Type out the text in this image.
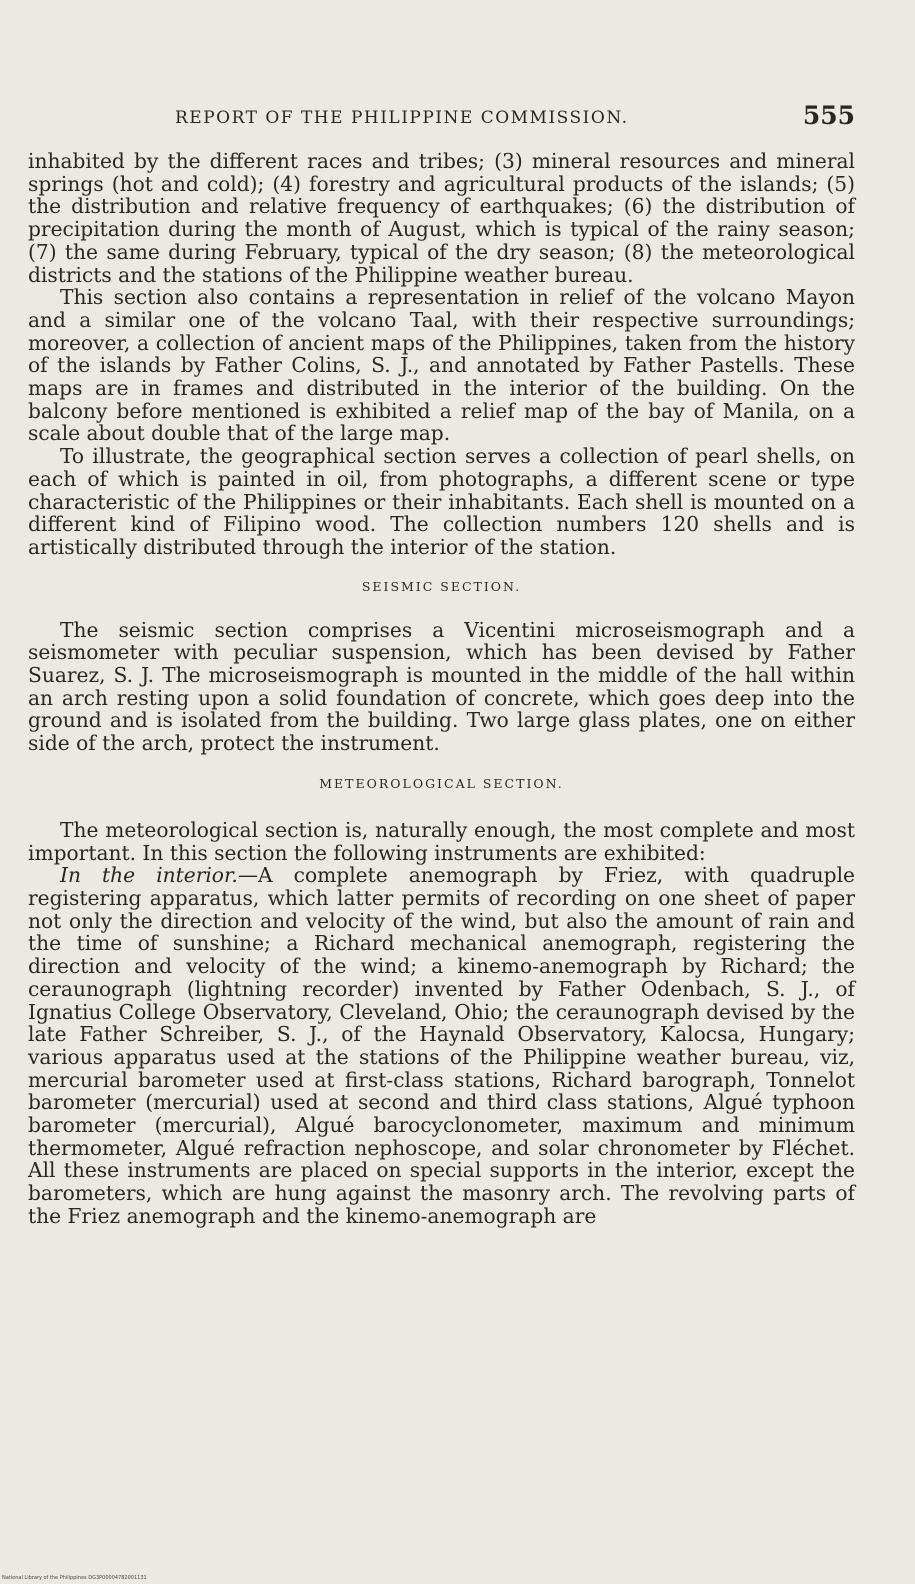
REPORT OF THE PHILIPPINE COMMISSION.	555

inhabited by the different races and tribes; (3) mineral resources and mineral springs (hot and cold); (4) forestry and agricultural products of the islands; (5) the distribution and relative frequency of earthquakes; (6) the distribution of precipitation during the month of August, which is typical of the rainy season; (7) the same during February, typical of the dry season; (8) the meteorological districts and the stations of the Philippine weather bureau.

This section also contains a representation in relief of the volcano Mayon and a similar one of the volcano Taal, with their respective surroundings; moreover, a collection of ancient maps of the Philippines, taken from the history of the islands by Father Colins, S. J., and annotated by Father Pastells. These maps are in frames and distributed in the interior of the building. On the balcony before mentioned is exhibited a relief map of the bay of Manila, on a scale about double that of the large map.

To illustrate, the geographical section serves a collection of pearl shells, on each of which is painted in oil, from photographs, a different scene or type characteristic of the Philippines or their inhabitants. Each shell is mounted on a different kind of Filipino wood. The collection numbers 120 shells and is artistically distributed through the interior of the station.

SEISMIC SECTION.

The seismic section comprises a Vicentini microseismograph and a seismometer with peculiar suspension, which has been devised by Father Suarez, S. J. The microseismograph is mounted in the middle of the hall within an arch resting upon a solid foundation of concrete, which goes deep into the ground and is isolated from the building. Two large glass plates, one on either side of the arch, protect the instrument.

METEOROLOGICAL SECTION.

The meteorological section is, naturally enough, the most complete and most important. In this section the following instruments are exhibited:

In the interior.—A complete anemograph by Friez, with quadruple registering apparatus, which latter permits of recording on one sheet of paper not only the direction and velocity of the wind, but also the amount of rain and the time of sunshine; a Richard mechanical anemograph, registering the direction and velocity of the wind; a kinemo-anemograph by Richard; the ceraunograph (lightning recorder) invented by Father Odenbach, S. J., of Ignatius College Observatory, Cleveland, Ohio; the ceraunograph devised by the late Father Schreiber, S. J., of the Haynald Observatory, Kalocsa, Hungary; various apparatus used at the stations of the Philippine weather bureau, viz, mercurial barometer used at first-class stations, Richard barograph, Tonnelot barometer (mercurial) used at second and third class stations, Algué typhoon barometer (mercurial), Algué barocyclonometer, maximum and minimum thermometer, Algué refraction nephoscope, and solar chronometer by Fléchet. All these instruments are placed on special supports in the interior, except the barometers, which are hung against the masonry arch. The revolving parts of the Friez anemograph and the kinemo-anemograph are

National Library of the Philippines DG3P00004782001131
